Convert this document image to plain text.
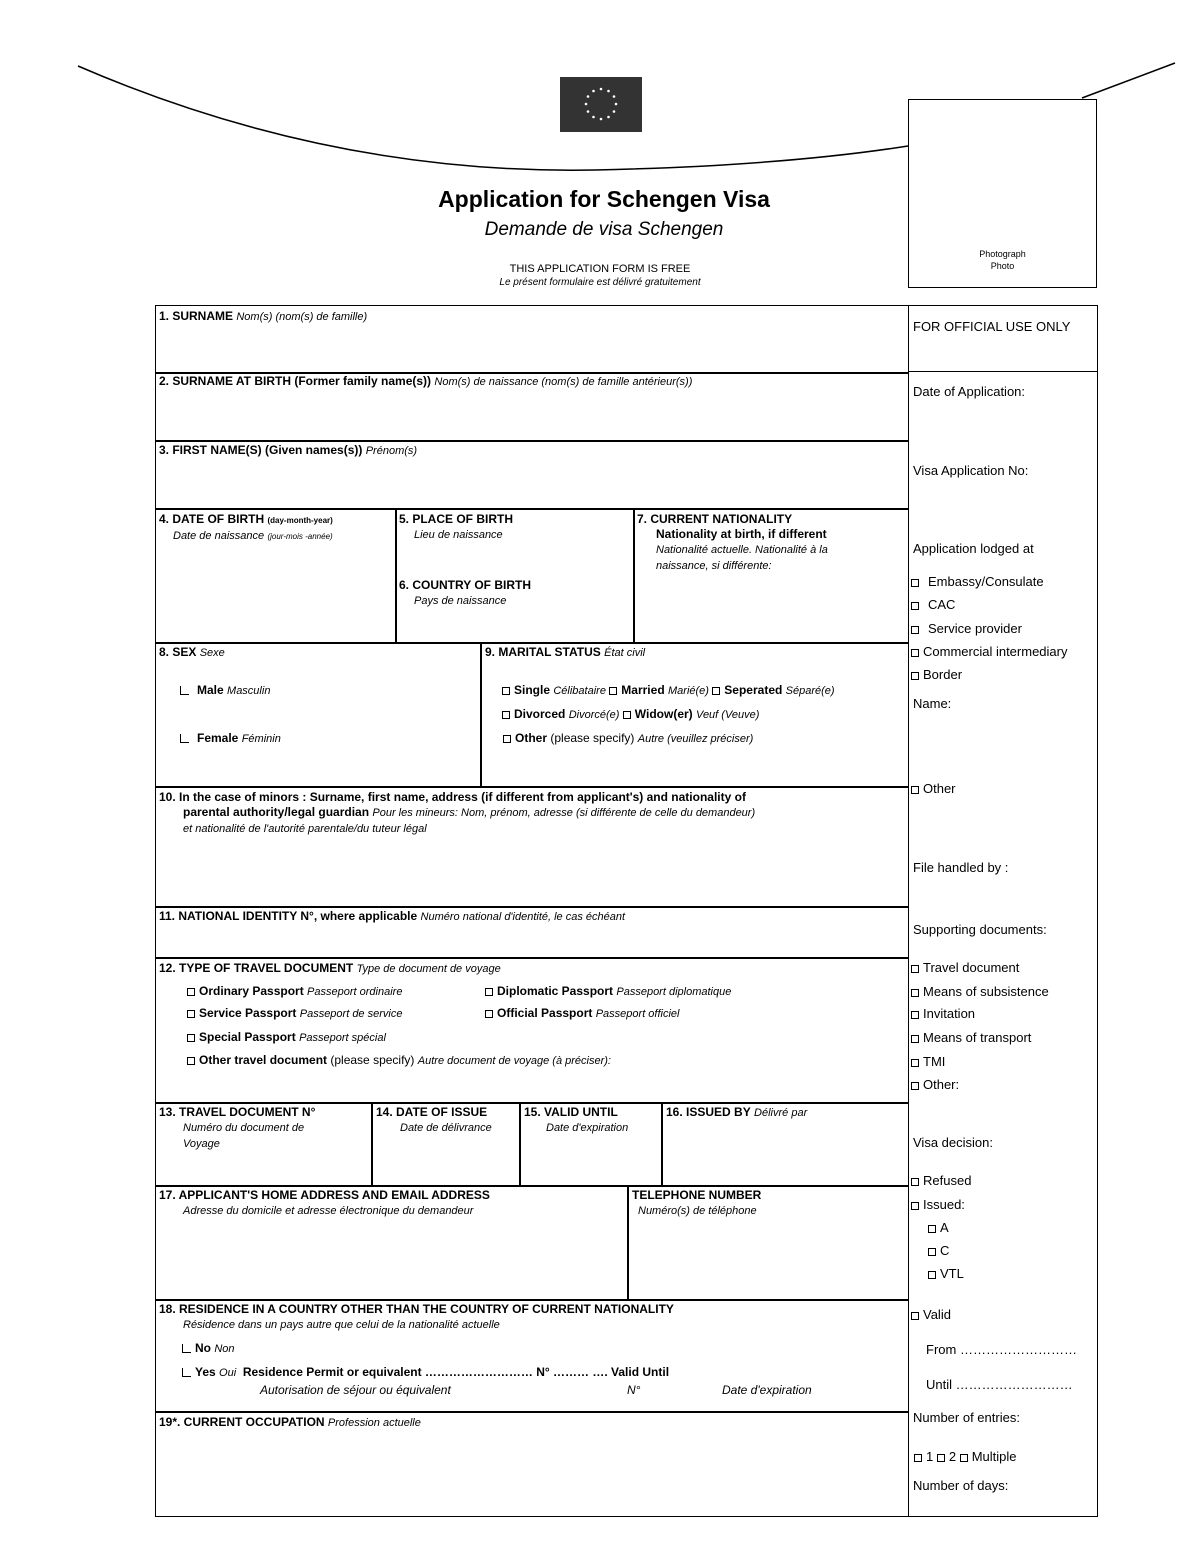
Application for Schengen Visa
Demande de visa Schengen
THIS APPLICATION FORM IS FREE
Le présent formulaire est délivré gratuitement
Photograph
Photo
1. SURNAME Nom(s) (nom(s) de famille)
2. SURNAME AT BIRTH (Former family name(s)) Nom(s) de naissance (nom(s) de famille antérieur(s))
3. FIRST NAME(S) (Given names(s)) Prénom(s)
4. DATE OF BIRTH (day-month-year)
Date de naissance (jour-mois -année)
5. PLACE OF BIRTH
Lieu de naissance
6. COUNTRY OF BIRTH
Pays de naissance
7. CURRENT NATIONALITY
Nationality at birth, if different
Nationalité actuelle. Nationalité à la
naissance, si différente:
8. SEX Sexe
Male Masculin
Female Féminin
9. MARITAL STATUS État civil
Single Célibataire Married Marié(e) Seperated Séparé(e)
Divorced Divorcé(e) Widow(er) Veuf (Veuve)
Other (please specify) Autre (veuillez préciser)
10. In the case of minors : Surname, first name, address (if different from applicant's) and nationality of
parental authority/legal guardian Pour les mineurs: Nom, prénom, adresse (si différente de celle du demandeur)
et nationalité de l'autorité parentale/du tuteur légal
11. NATIONAL IDENTITY N°, where applicable Numéro national d'identité, le cas échéant
12. TYPE OF TRAVEL DOCUMENT Type de document de voyage
Ordinary Passport Passeport ordinaire	Diplomatic Passport Passeport diplomatique
Service Passport Passeport de service	Official Passport Passeport officiel
Special Passport Passeport spécial
Other travel document (please specify) Autre document de voyage (à préciser):
13. TRAVEL DOCUMENT N°
Numéro du document de
Voyage
14. DATE OF ISSUE
Date de délivrance
15. VALID UNTIL
Date d'expiration
16. ISSUED BY Délivré par
17. APPLICANT'S HOME ADDRESS AND EMAIL ADDRESS
Adresse du domicile et adresse électronique du demandeur
TELEPHONE NUMBER
Numéro(s) de téléphone
18. RESIDENCE IN A COUNTRY OTHER THAN THE COUNTRY OF CURRENT NATIONALITY
Résidence dans un pays autre que celui de la nationalité actuelle
No Non
Yes Oui Residence Permit or equivalent ……………………… N° ……… …. Valid Until
Autorisation de séjour ou équivalent	N°	Date d'expiration
19*. CURRENT OCCUPATION Profession actuelle
FOR OFFICIAL USE ONLY
Date of Application:
Visa Application No:
Application lodged at
Embassy/Consulate
CAC
Service provider
Commercial intermediary
Border
Name:
Other
File handled by :
Supporting documents:
Travel document
Means of subsistence
Invitation
Means of transport
TMI
Other:
Visa decision:
Refused
Issued:
A
C
VTL
Valid
From ………………………
Until ………………………
Number of entries:
1 2 Multiple
Number of days:
